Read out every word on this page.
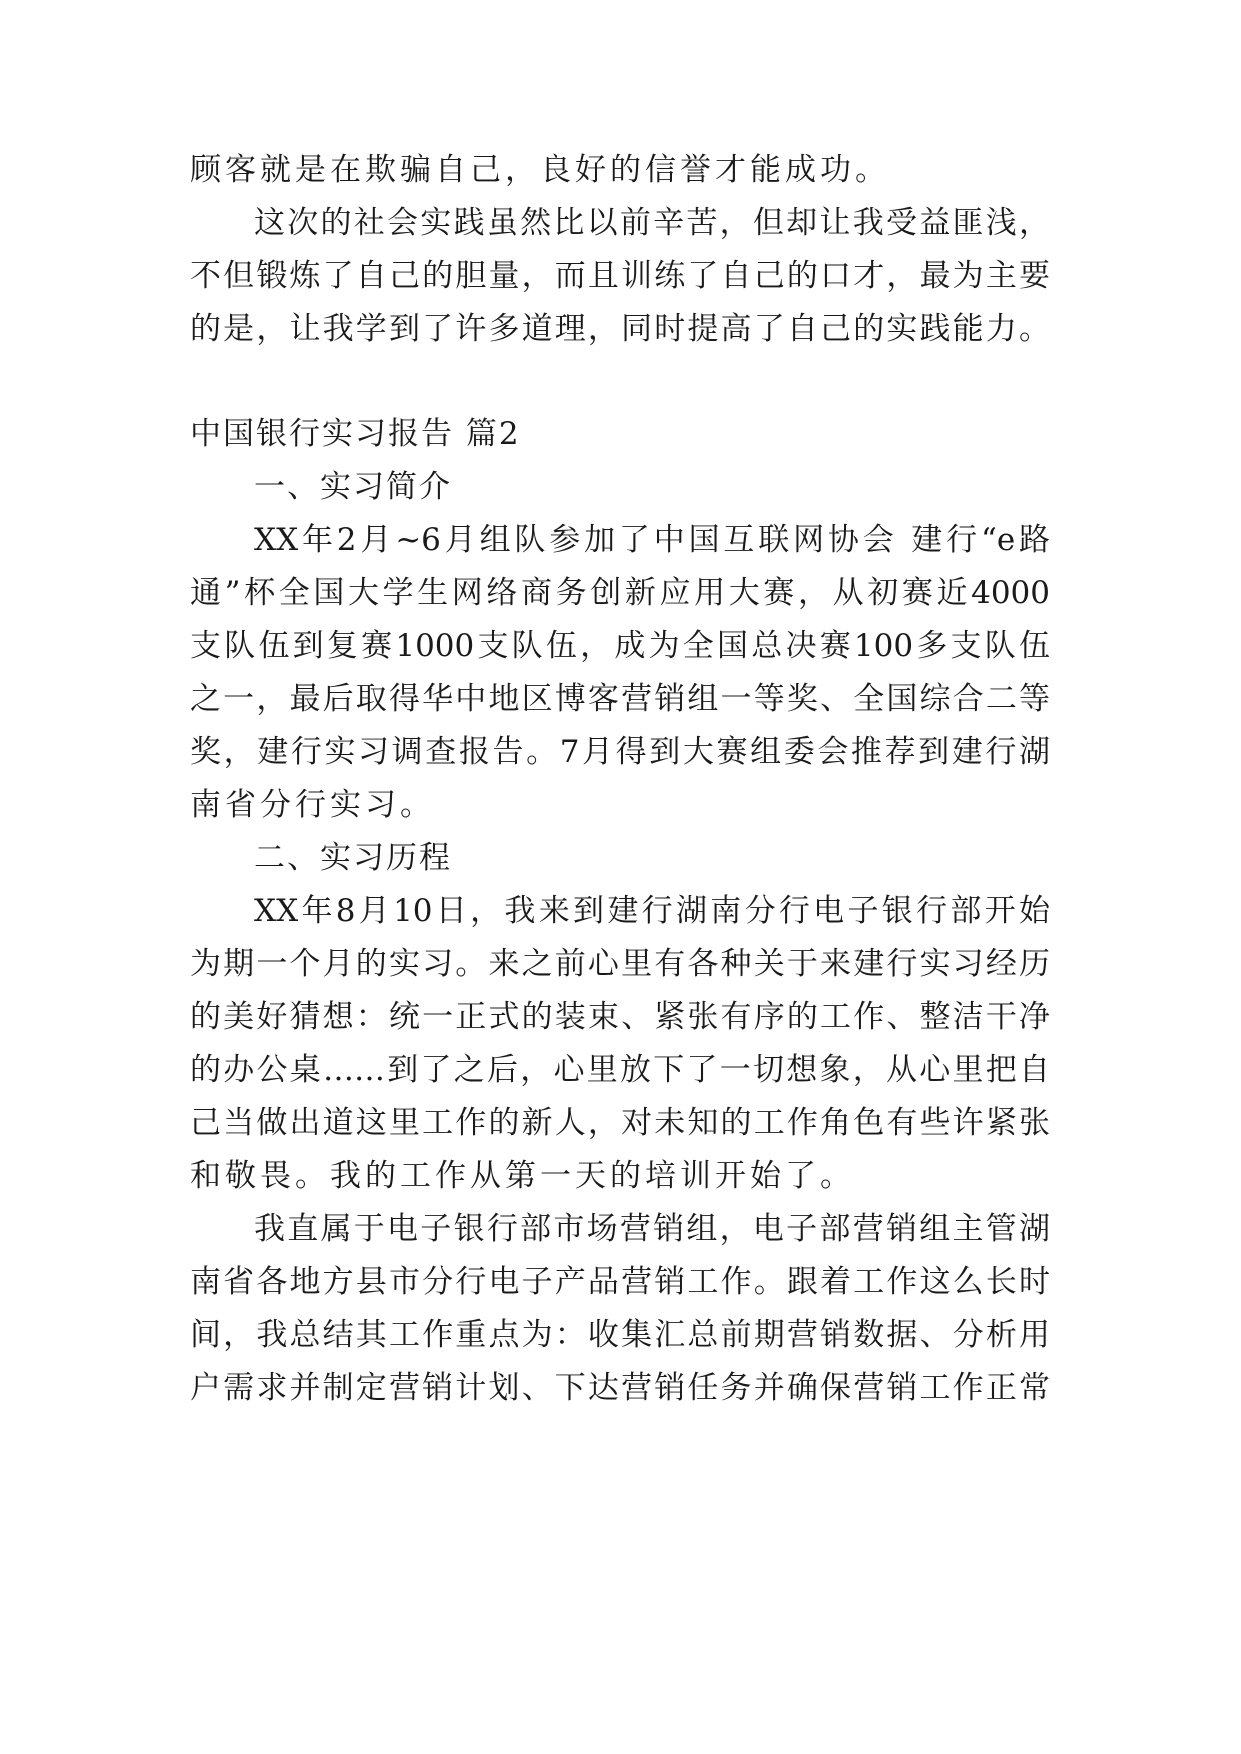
顾客就是在欺骗自己，良好的信誉才能成功。
这次的社会实践虽然比以前辛苦，但却让我受益匪浅，
不但锻炼了自己的胆量，而且训练了自己的口才，最为主要
的是，让我学到了许多道理，同时提高了自己的实践能力。
中国银行实习报告 篇2
一、实习简介
XX年2月~6月组队参加了中国互联网协会 建行“e路
通”杯全国大学生网络商务创新应用大赛，从初赛近4000
支队伍到复赛1000支队伍，成为全国总决赛100多支队伍
之一，最后取得华中地区博客营销组一等奖、全国综合二等
奖，建行实习调查报告。7月得到大赛组委会推荐到建行湖
南省分行实习。
二、实习历程
XX年8月10日，我来到建行湖南分行电子银行部开始
为期一个月的实习。来之前心里有各种关于来建行实习经历
的美好猜想：统一正式的装束、紧张有序的工作、整洁干净
的办公桌……到了之后，心里放下了一切想象，从心里把自
己当做出道这里工作的新人，对未知的工作角色有些许紧张
和敬畏。我的工作从第一天的培训开始了。
我直属于电子银行部市场营销组，电子部营销组主管湖
南省各地方县市分行电子产品营销工作。跟着工作这么长时
间，我总结其工作重点为：收集汇总前期营销数据、分析用
户需求并制定营销计划、下达营销任务并确保营销工作正常
